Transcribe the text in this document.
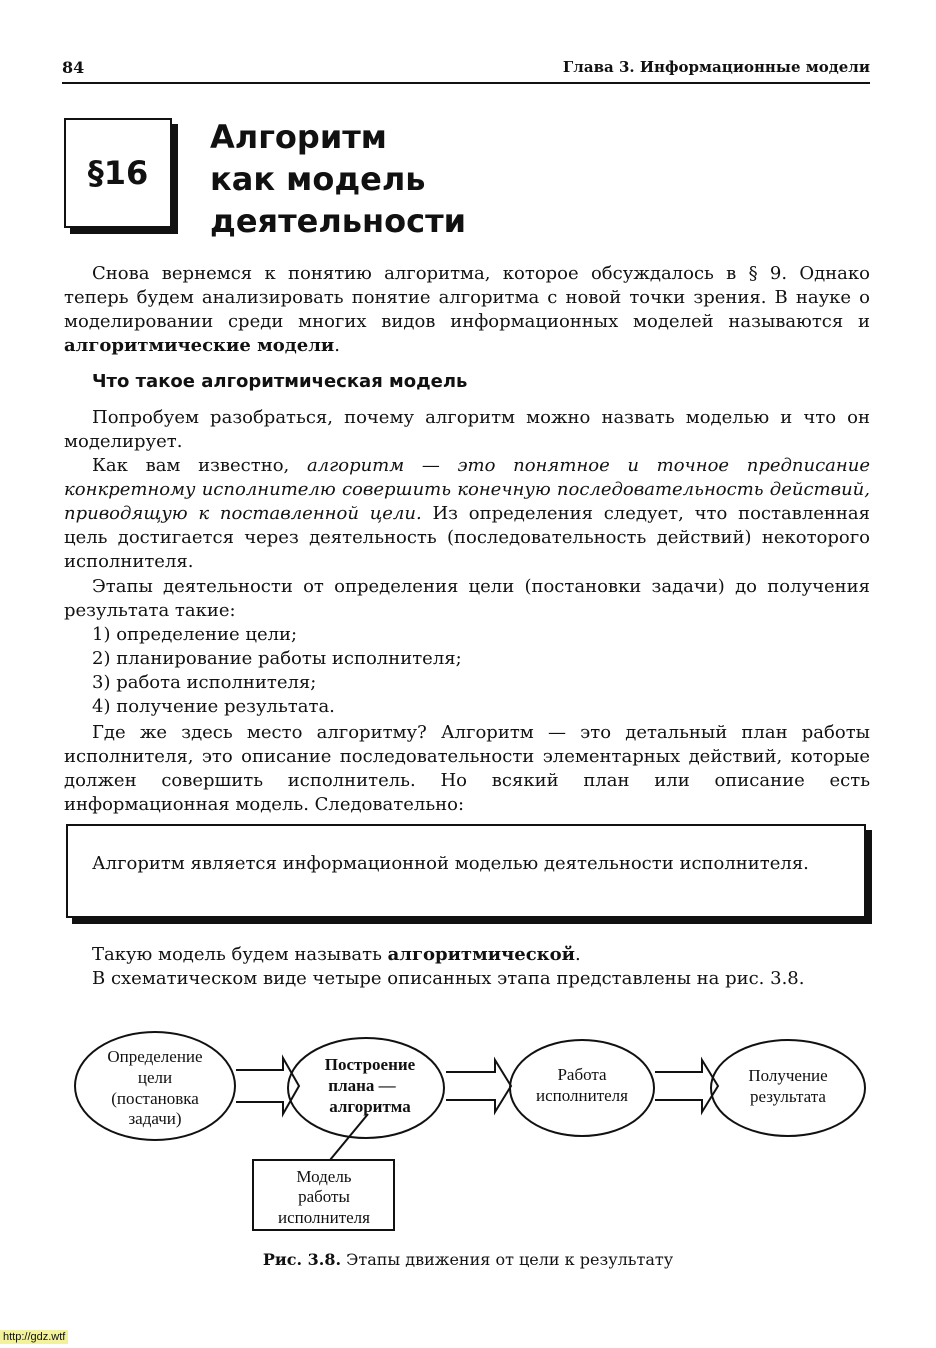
84	Глава 3. Информационные модели
§16
Алгоритм
как модель
деятельности
Снова вернемся к понятию алгоритма, которое обсуждалось в § 9. Однако теперь будем анализировать понятие алгоритма с новой точки зрения. В науке о моделировании среди многих видов информационных моделей называются и алгоритмические модели.
Что такое алгоритмическая модель
Попробуем разобраться, почему алгоритм можно назвать моделью и что он моделирует.
Как вам известно, алгоритм — это понятное и точное предписание конкретному исполнителю совершить конечную последовательность действий, приводящую к поставленной цели. Из определения следует, что поставленная цель достигается через деятельность (последовательность действий) некоторого исполнителя.
Этапы деятельности от определения цели (постановки задачи) до получения результата такие:
1) определение цели;
2) планирование работы исполнителя;
3) работа исполнителя;
4) получение результата.
Где же здесь место алгоритму? Алгоритм — это детальный план работы исполнителя, это описание последовательности элементарных действий, которые должен совершить исполнитель. Но всякий план или описание есть информационная модель. Следовательно:
Алгоритм является информационной моделью деятельности исполнителя.
Такую модель будем называть алгоритмической.
В схематическом виде четыре описанных этапа представлены на рис. 3.8.
Определение
цели
(постановка
задачи)
Построение
плана —
алгоритма
Работа
исполнителя
Получение
результата
Модель
работы
исполнителя
Рис. 3.8. Этапы движения от цели к результату
http://gdz.wtf
